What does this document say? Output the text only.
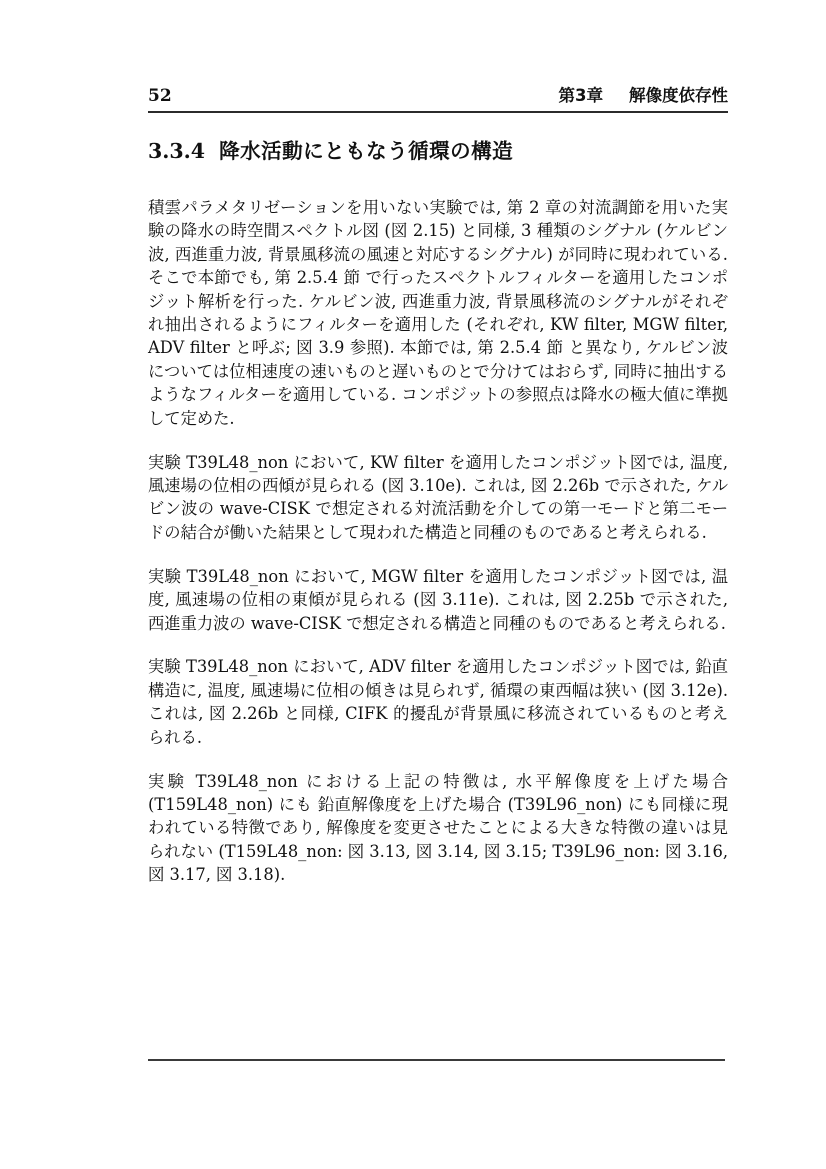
52	第3章 解像度依存性
3.3.4 降水活動にともなう循環の構造

積雲パラメタリゼーションを用いない実験では, 第 2 章の対流調節を用いた実験の降水の時空間スペクトル図 (図 2.15) と同様, 3 種類のシグナル (ケルビン波, 西進重力波, 背景風移流の風速と対応するシグナル) が同時に現われている. そこで本節でも, 第 2.5.4 節 で行ったスペクトルフィルターを適用したコンポジット解析を行った. ケルビン波, 西進重力波, 背景風移流のシグナルがそれぞれ抽出されるようにフィルターを適用した (それぞれ, KW filter, MGW filter, ADV filter と呼ぶ; 図 3.9 参照). 本節では, 第 2.5.4 節 と異なり, ケルビン波については位相速度の速いものと遅いものとで分けてはおらず, 同時に抽出するようなフィルターを適用している. コンポジットの参照点は降水の極大値に準拠して定めた.

実験 T39L48_non において, KW filter を適用したコンポジット図では, 温度, 風速場の位相の西傾が見られる (図 3.10e). これは, 図 2.26b で示された, ケルビン波の wave-CISK で想定される対流活動を介しての第一モードと第二モードの結合が働いた結果として現われた構造と同種のものであると考えられる.

実験 T39L48_non において, MGW filter を適用したコンポジット図では, 温度, 風速場の位相の東傾が見られる (図 3.11e). これは, 図 2.25b で示された, 西進重力波の wave-CISK で想定される構造と同種のものであると考えられる.

実験 T39L48_non において, ADV filter を適用したコンポジット図では, 鉛直構造に, 温度, 風速場に位相の傾きは見られず, 循環の東西幅は狭い (図 3.12e). これは, 図 2.26b と同様, CIFK 的擾乱が背景風に移流されているものと考えられる.

実験 T39L48_non における上記の特徴は, 水平解像度を上げた場合 (T159L48_non) にも 鉛直解像度を上げた場合 (T39L96_non) にも同様に現われている特徴であり, 解像度を変更させたことによる大きな特徴の違いは見られない (T159L48_non: 図 3.13, 図 3.14, 図 3.15; T39L96_non: 図 3.16, 図 3.17, 図 3.18).
